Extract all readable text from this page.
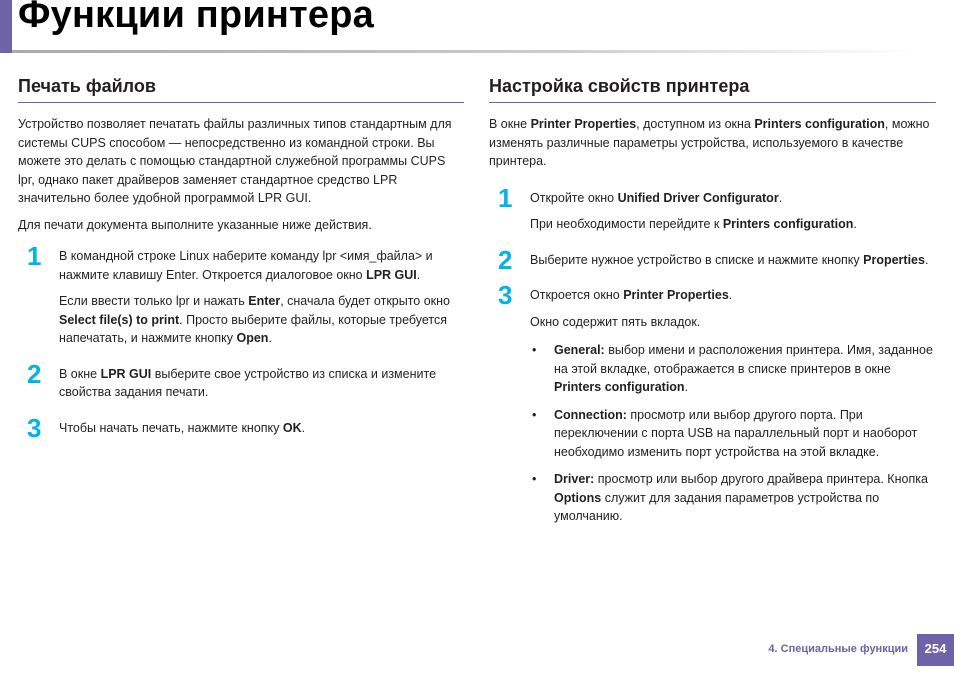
Функции принтера
Печать файлов

Устройство позволяет печатать файлы различных типов стандартным для системы CUPS способом — непосредственно из командной строки. Вы можете это делать с помощью стандартной служебной программы CUPS lpr, однако пакет драйверов заменяет стандартное средство LPR значительно более удобной программой LPR GUI.

Для печати документа выполните указанные ниже действия.

1 В командной строке Linux наберите команду lpr <имя_файла> и нажмите клавишу Enter. Откроется диалоговое окно LPR GUI.

Если ввести только lpr и нажать Enter, сначала будет открыто окно Select file(s) to print. Просто выберите файлы, которые требуется напечатать, и нажмите кнопку Open.

2 В окне LPR GUI выберите свое устройство из списка и измените свойства задания печати.

3 Чтобы начать печать, нажмите кнопку OK.

Настройка свойств принтера

В окне Printer Properties, доступном из окна Printers configuration, можно изменять различные параметры устройства, используемого в качестве принтера.

1 Откройте окно Unified Driver Configurator.

При необходимости перейдите к Printers configuration.

2 Выберите нужное устройство в списке и нажмите кнопку Properties.

3 Откроется окно Printer Properties.

Окно содержит пять вкладок.

• General: выбор имени и расположения принтера. Имя, заданное на этой вкладке, отображается в списке принтеров в окне Printers configuration.
• Connection: просмотр или выбор другого порта. При переключении с порта USB на параллельный порт и наоборот необходимо изменить порт устройства на этой вкладке.
• Driver: просмотр или выбор другого драйвера принтера. Кнопка Options служит для задания параметров устройства по умолчанию.
4. Специальные функции	254
